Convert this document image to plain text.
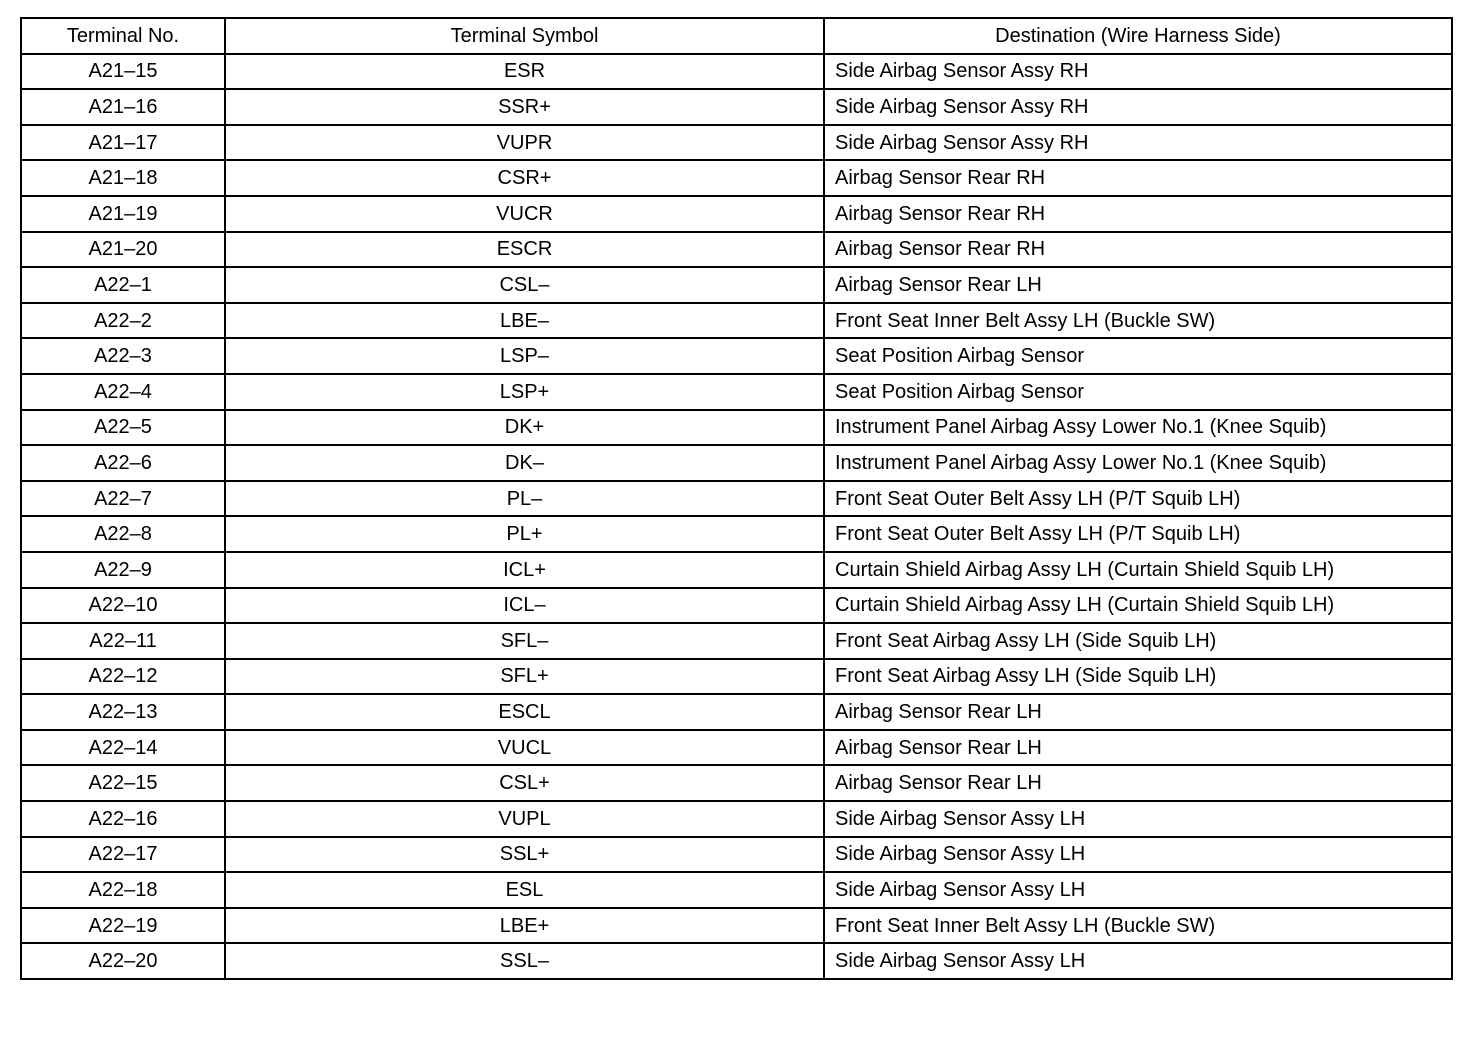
Terminal No.	Terminal Symbol	Destination (Wire Harness Side)
A21–15	ESR	Side Airbag Sensor Assy RH
A21–16	SSR+	Side Airbag Sensor Assy RH
A21–17	VUPR	Side Airbag Sensor Assy RH
A21–18	CSR+	Airbag Sensor Rear RH
A21–19	VUCR	Airbag Sensor Rear RH
A21–20	ESCR	Airbag Sensor Rear RH
A22–1	CSL–	Airbag Sensor Rear LH
A22–2	LBE–	Front Seat Inner Belt Assy LH (Buckle SW)
A22–3	LSP–	Seat Position Airbag Sensor
A22–4	LSP+	Seat Position Airbag Sensor
A22–5	DK+	Instrument Panel Airbag Assy Lower No.1 (Knee Squib)
A22–6	DK–	Instrument Panel Airbag Assy Lower No.1 (Knee Squib)
A22–7	PL–	Front Seat Outer Belt Assy LH (P/T Squib LH)
A22–8	PL+	Front Seat Outer Belt Assy LH (P/T Squib LH)
A22–9	ICL+	Curtain Shield Airbag Assy LH (Curtain Shield Squib LH)
A22–10	ICL–	Curtain Shield Airbag Assy LH (Curtain Shield Squib LH)
A22–11	SFL–	Front Seat Airbag Assy LH (Side Squib LH)
A22–12	SFL+	Front Seat Airbag Assy LH (Side Squib LH)
A22–13	ESCL	Airbag Sensor Rear LH
A22–14	VUCL	Airbag Sensor Rear LH
A22–15	CSL+	Airbag Sensor Rear LH
A22–16	VUPL	Side Airbag Sensor Assy LH
A22–17	SSL+	Side Airbag Sensor Assy LH
A22–18	ESL	Side Airbag Sensor Assy LH
A22–19	LBE+	Front Seat Inner Belt Assy LH (Buckle SW)
A22–20	SSL–	Side Airbag Sensor Assy LH
